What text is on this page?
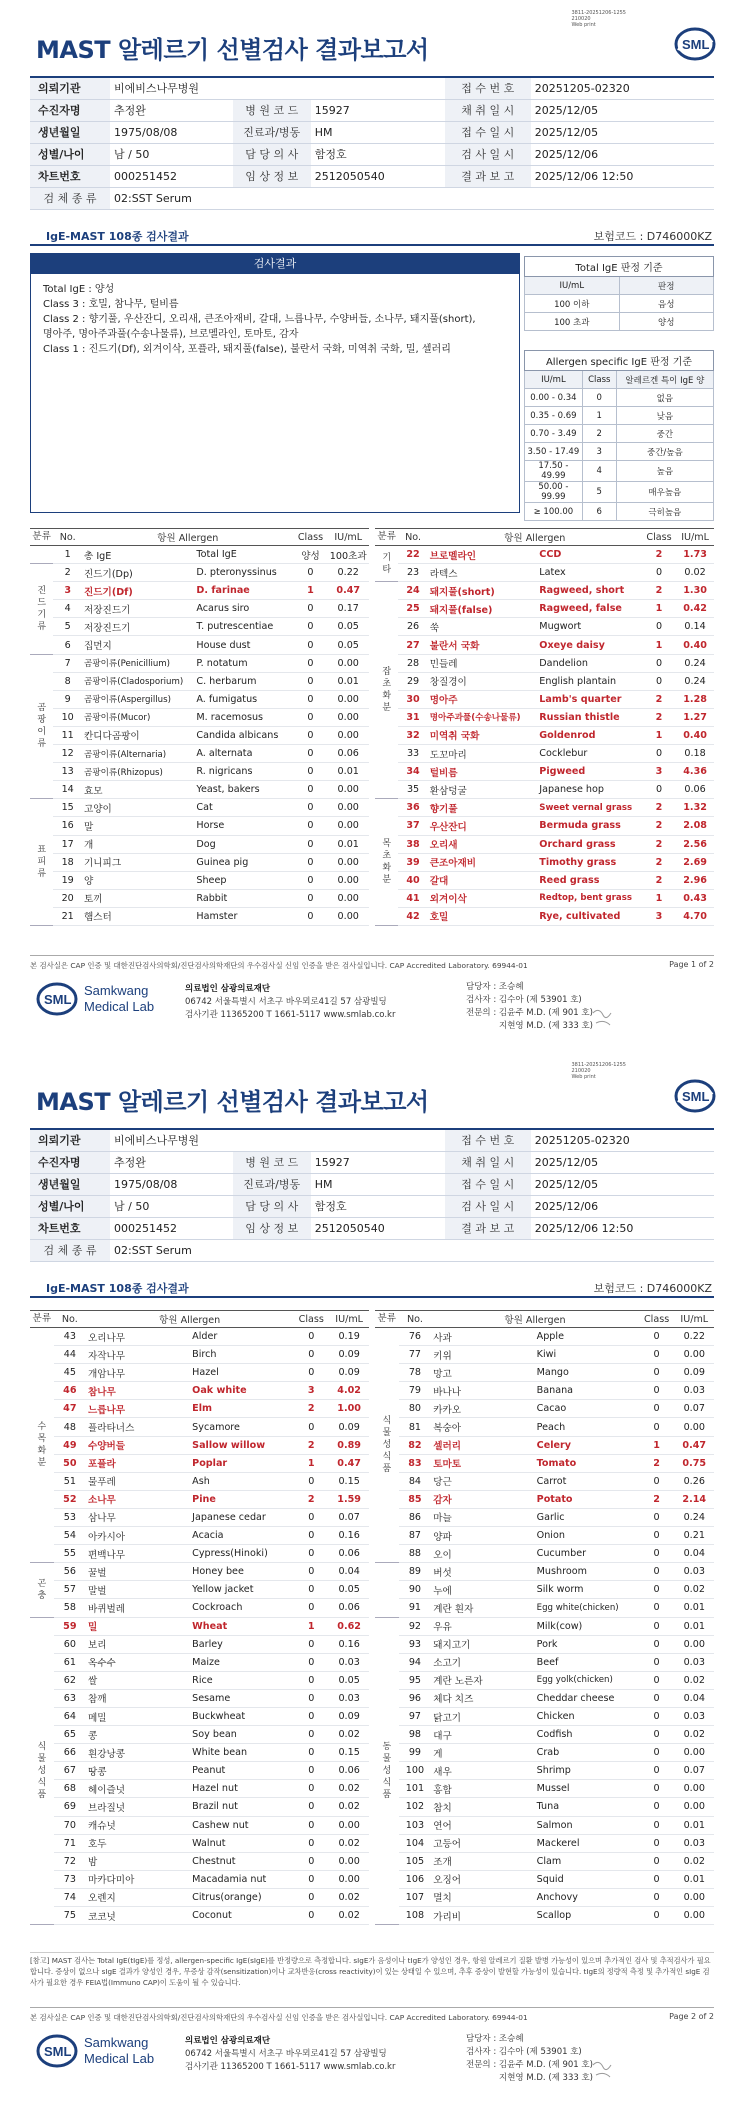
3811-20251206-1255
210020
Web print
MAST 알레르기 선별검사 결과보고서	SML
의뢰기관	비에비스나무병원			접 수 번 호	20251205-02320
수진자명	추정완	병 원 코 드	15927	채 취 일 시	2025/12/05
생년월일	1975/08/08	진료과/병동	HM	접 수 일 시	2025/12/05
성별/나이	남 / 50	담 당 의 사	함정호	검 사 일 시	2025/12/06
차트번호	000251452	임 상 정 보	2512050540	결 과 보 고	2025/12/06 12:50
검 체 종 류	02:SST Serum				
IgE-MAST 108종 검사결과	보험코드 : D746000KZ
검사결과
Total IgE : 양성
Class 3 : 호밀, 참나무, 털비름
Class 2 : 향기풀, 우산잔디, 오리새, 큰조아재비, 갈대, 느릅나무, 수양버들, 소나무, 돼지풀(short),
명아주, 명아주과풀(수송나물류), 브로멜라인, 토마토, 감자
Class 1 : 진드기(Df), 외겨이삭, 포플라, 돼지풀(false), 불란서 국화, 미역취 국화, 밀, 셀러리
Total IgE 판정 기준	
IU/mL	판정
100 이하	음성
100 초과	양성
Allergen specific IgE 판정 기준		
IU/mL	Class	알레르겐 특이 IgE 양
0.00 - 0.34	0	없음
0.35 - 0.69	1	낮음
0.70 - 3.49	2	중간
3.50 - 17.49	3	중간/높음
17.50 - 49.99	4	높음
50.00 - 99.99	5	매우높음
≥ 100.00	6	극히높음
분류	No.	항원 Allergen		Class	IU/mL
	1	총 IgE	Total IgE	양성	100초과
진
드
기
류	2	진드기(Dp)	D. pteronyssinus	0	0.22
	3	진드기(Df)	D. farinae	1	0.47
	4	저장진드기	Acarus siro	0	0.17
	5	저장진드기	T. putrescentiae	0	0.05
	6	집먼지	House dust	0	0.05
곰
팡
이
류	7	곰팡이류(Penicillium)	P. notatum	0	0.00
	8	곰팡이류(Cladosporium)	C. herbarum	0	0.01
	9	곰팡이류(Aspergillus)	A. fumigatus	0	0.00
	10	곰팡이류(Mucor)	M. racemosus	0	0.00
	11	칸디다곰팡이	Candida albicans	0	0.00
	12	곰팡이류(Alternaria)	A. alternata	0	0.06
	13	곰팡이류(Rhizopus)	R. nigricans	0	0.01
	14	효모	Yeast, bakers	0	0.00
표
피
류	15	고양이	Cat	0	0.00
	16	말	Horse	0	0.00
	17	개	Dog	0	0.01
	18	기니피그	Guinea pig	0	0.00
	19	양	Sheep	0	0.00
	20	토끼	Rabbit	0	0.00
	21	햄스터	Hamster	0	0.00
분류	No.	항원 Allergen		Class	IU/mL
기
타	22	브로멜라인	CCD	2	1.73
	23	라텍스	Latex	0	0.02
잡
초
화
분	24	돼지풀(short)	Ragweed, short	2	1.30
	25	돼지풀(false)	Ragweed, false	1	0.42
	26	쑥	Mugwort	0	0.14
	27	불란서 국화	Oxeye daisy	1	0.40
	28	민들레	Dandelion	0	0.24
	29	창질경이	English plantain	0	0.24
	30	명아주	Lamb's quarter	2	1.28
	31	명아주과풀(수송나물류)	Russian thistle	2	1.27
	32	미역취 국화	Goldenrod	1	0.40
	33	도꼬마리	Cocklebur	0	0.18
	34	털비름	Pigweed	3	4.36
	35	환삼덩굴	Japanese hop	0	0.06
목
초
화
분	36	향기풀	Sweet vernal grass	2	1.32
	37	우산잔디	Bermuda grass	2	2.08
	38	오리새	Orchard grass	2	2.56
	39	큰조아재비	Timothy grass	2	2.69
	40	갈대	Reed grass	2	2.96
	41	외겨이삭	Redtop, bent grass	1	0.43
	42	호밀	Rye, cultivated	3	4.70
본 검사실은 CAP 인증 및 대한진단검사의학회/진단검사의학재단의 우수검사실 신임 인증을 받은 검사실입니다. CAP Accredited Laboratory. 69944-01	Page 1 of 2
SML
Samkwang
Medical Lab
의료법인 삼광의료재단
06742 서울특별시 서초구 바우뫼로41길 57 삼광빌딩
검사기관 11365200 T 1661-5117 www.smlab.co.kr
담당자 : 조승혜
검사자 : 김수아 (제 53901 호)
전문의 : 김윤주 M.D. (제 901 호)
지현영 M.D. (제 333 호)
3811-20251206-1255
210020
Web print
MAST 알레르기 선별검사 결과보고서	SML
의뢰기관	비에비스나무병원			접 수 번 호	20251205-02320
수진자명	추정완	병 원 코 드	15927	채 취 일 시	2025/12/05
생년월일	1975/08/08	진료과/병동	HM	접 수 일 시	2025/12/05
성별/나이	남 / 50	담 당 의 사	함정호	검 사 일 시	2025/12/06
차트번호	000251452	임 상 정 보	2512050540	결 과 보 고	2025/12/06 12:50
검 체 종 류	02:SST Serum				
IgE-MAST 108종 검사결과	보험코드 : D746000KZ
분류	No.	항원 Allergen		Class	IU/mL
수
목
화
분	43	오리나무	Alder	0	0.19
	44	자작나무	Birch	0	0.09
	45	개암나무	Hazel	0	0.09
	46	참나무	Oak white	3	4.02
	47	느릅나무	Elm	2	1.00
	48	플라타너스	Sycamore	0	0.09
	49	수양버들	Sallow willow	2	0.89
	50	포플라	Poplar	1	0.47
	51	물푸레	Ash	0	0.15
	52	소나무	Pine	2	1.59
	53	삼나무	Japanese cedar	0	0.07
	54	아카시아	Acacia	0	0.16
	55	편백나무	Cypress(Hinoki)	0	0.06
곤
충	56	꿀벌	Honey bee	0	0.04
	57	말벌	Yellow jacket	0	0.05
	58	바퀴벌레	Cockroach	0	0.06
식
물
성
식
품	59	밀	Wheat	1	0.62
	60	보리	Barley	0	0.16
	61	옥수수	Maize	0	0.03
	62	쌀	Rice	0	0.05
	63	참깨	Sesame	0	0.03
	64	메밀	Buckwheat	0	0.09
	65	콩	Soy bean	0	0.02
	66	흰강낭콩	White bean	0	0.15
	67	땅콩	Peanut	0	0.06
	68	헤이즐넛	Hazel nut	0	0.02
	69	브라질넛	Brazil nut	0	0.02
	70	캐슈넛	Cashew nut	0	0.00
	71	호두	Walnut	0	0.02
	72	밤	Chestnut	0	0.00
	73	마카다미아	Macadamia nut	0	0.00
	74	오렌지	Citrus(orange)	0	0.02
	75	코코넛	Coconut	0	0.02
분류	No.	항원 Allergen		Class	IU/mL
식
물
성
식
품	76	사과	Apple	0	0.22
	77	키위	Kiwi	0	0.00
	78	망고	Mango	0	0.09
	79	바나나	Banana	0	0.03
	80	카카오	Cacao	0	0.07
	81	복숭아	Peach	0	0.00
	82	셀러리	Celery	1	0.47
	83	토마토	Tomato	2	0.75
	84	당근	Carrot	0	0.26
	85	감자	Potato	2	2.14
	86	마늘	Garlic	0	0.24
	87	양파	Onion	0	0.21
	88	오이	Cucumber	0	0.04
	89	버섯	Mushroom	0	0.03
	90	누에	Silk worm	0	0.02
	91	계란 흰자	Egg white(chicken)	0	0.01
동
물
성
식
품	92	우유	Milk(cow)	0	0.01
	93	돼지고기	Pork	0	0.00
	94	소고기	Beef	0	0.03
	95	계란 노른자	Egg yolk(chicken)	0	0.02
	96	체다 치즈	Cheddar cheese	0	0.04
	97	닭고기	Chicken	0	0.03
	98	대구	Codfish	0	0.02
	99	게	Crab	0	0.00
	100	새우	Shrimp	0	0.07
	101	홍합	Mussel	0	0.00
	102	참치	Tuna	0	0.00
	103	연어	Salmon	0	0.01
	104	고등어	Mackerel	0	0.03
	105	조개	Clam	0	0.02
	106	오징어	Squid	0	0.01
	107	멸치	Anchovy	0	0.00
	108	가리비	Scallop	0	0.00
[참고] MAST 검사는 Total IgE(tIgE)를 정성, allergen-specific IgE(sIgE)를 반정량으로 측정합니다. sIgE가 음성이나 tIgE가 양성인 경우, 항원 알레르기 질환 발병 가능성이 있으며 추가적인 검사 및 추적검사가 필요합니다. 증상이 없으나 sIgE 결과가 양성인 경우, 무증상 감작(sensitization)이나 교차반응(cross reactivity)이 있는 상태일 수 있으며, 추후 증상이 발현할 가능성이 있습니다. tIgE의 정량적 측정 및 추가적인 sIgE 검사가 필요한 경우 FEIA법(Immuno CAP)이 도움이 될 수 있습니다.
본 검사실은 CAP 인증 및 대한진단검사의학회/진단검사의학재단의 우수검사실 신임 인증을 받은 검사실입니다. CAP Accredited Laboratory. 69944-01	Page 2 of 2
SML
Samkwang
Medical Lab
의료법인 삼광의료재단
06742 서울특별시 서초구 바우뫼로41길 57 삼광빌딩
검사기관 11365200 T 1661-5117 www.smlab.co.kr
담당자 : 조승혜
검사자 : 김수아 (제 53901 호)
전문의 : 김윤주 M.D. (제 901 호)
지현영 M.D. (제 333 호)
